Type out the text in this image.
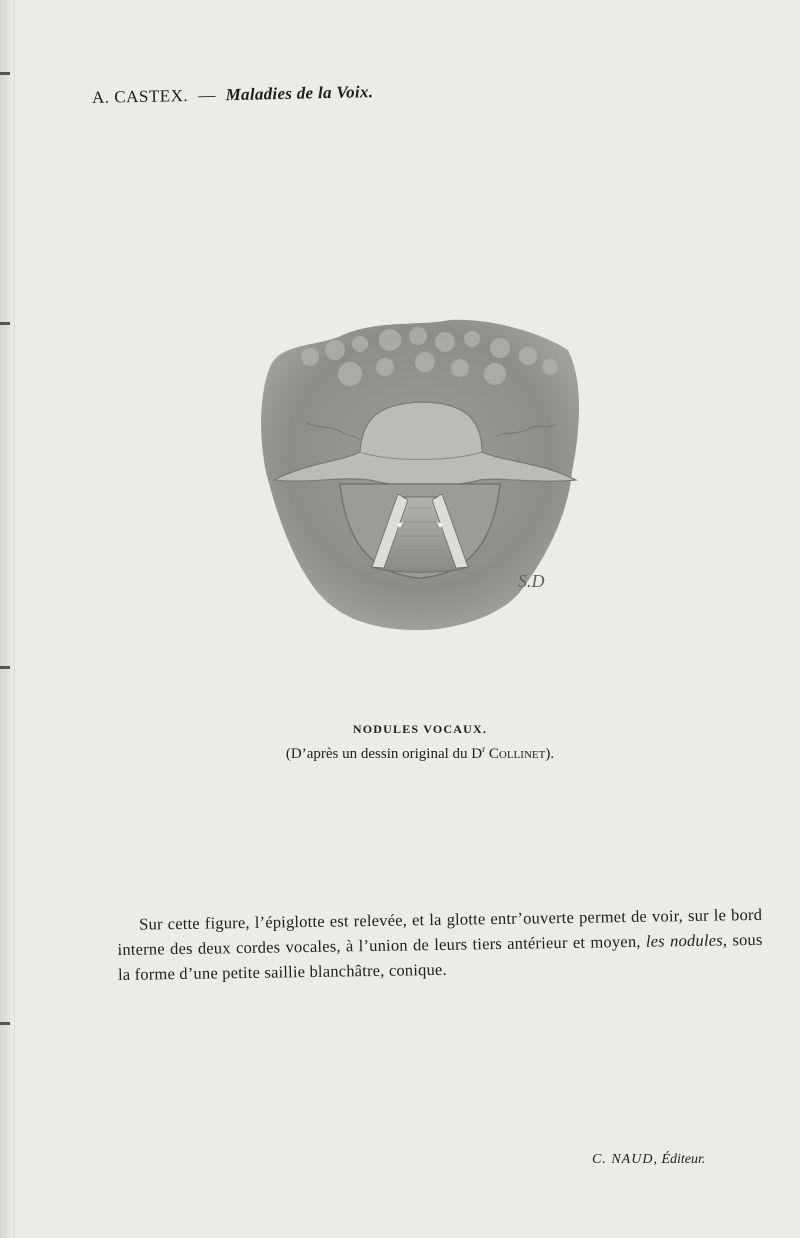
A. CASTEX. — Maladies de la Voix.
S.D
NODULES VOCAUX.
(D’après un dessin original du $D^r$ Collinet).
Sur cette figure, l’épiglotte est relevée, et la glotte entr’ouverte permet de voir, sur le bord interne des deux cordes vocales, à l’union de leurs tiers antérieur et moyen, les nodules, sous la forme d’une petite saillie blanchâtre, conique.
C. NAUD, Éditeur.
